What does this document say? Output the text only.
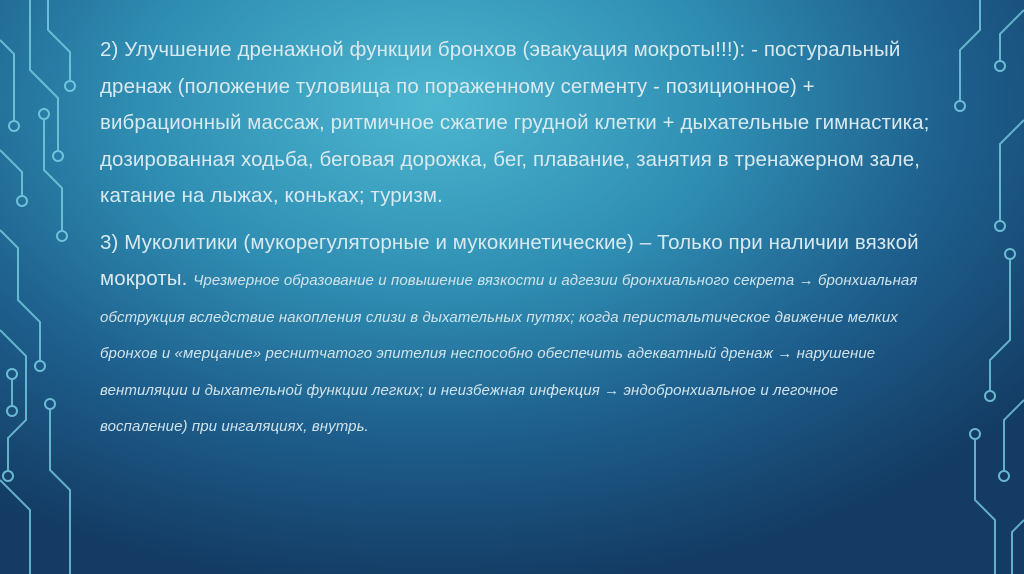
2) Улучшение дренажной функции бронхов (эвакуация мокроты!!!): - постуральный дренаж (положение туловища по пораженному сегменту - позиционное) + вибрационный массаж, ритмичное сжатие грудной клетки + дыхательные гимнастика; дозированная ходьба, беговая дорожка, бег, плавание, занятия в тренажерном зале, катание на лыжах, коньках; туризм.

3) Муколитики (мукорегуляторные и мукокинетические) – Только при наличии вязкой мокроты. Чрезмерное образование и повышение вязкости и адгезии бронхиального секрета → бронхиальная обструкция вследствие накопления слизи в дыхательных путях; когда перистальтическое движение мелких бронхов и «мерцание» реснитчатого эпителия неспособно обеспечить адекватный дренаж → нарушение вентиляции и дыхательной функции легких; и неизбежная инфекция → эндобронхиальное и легочное воспаление) при ингаляциях, внутрь.
